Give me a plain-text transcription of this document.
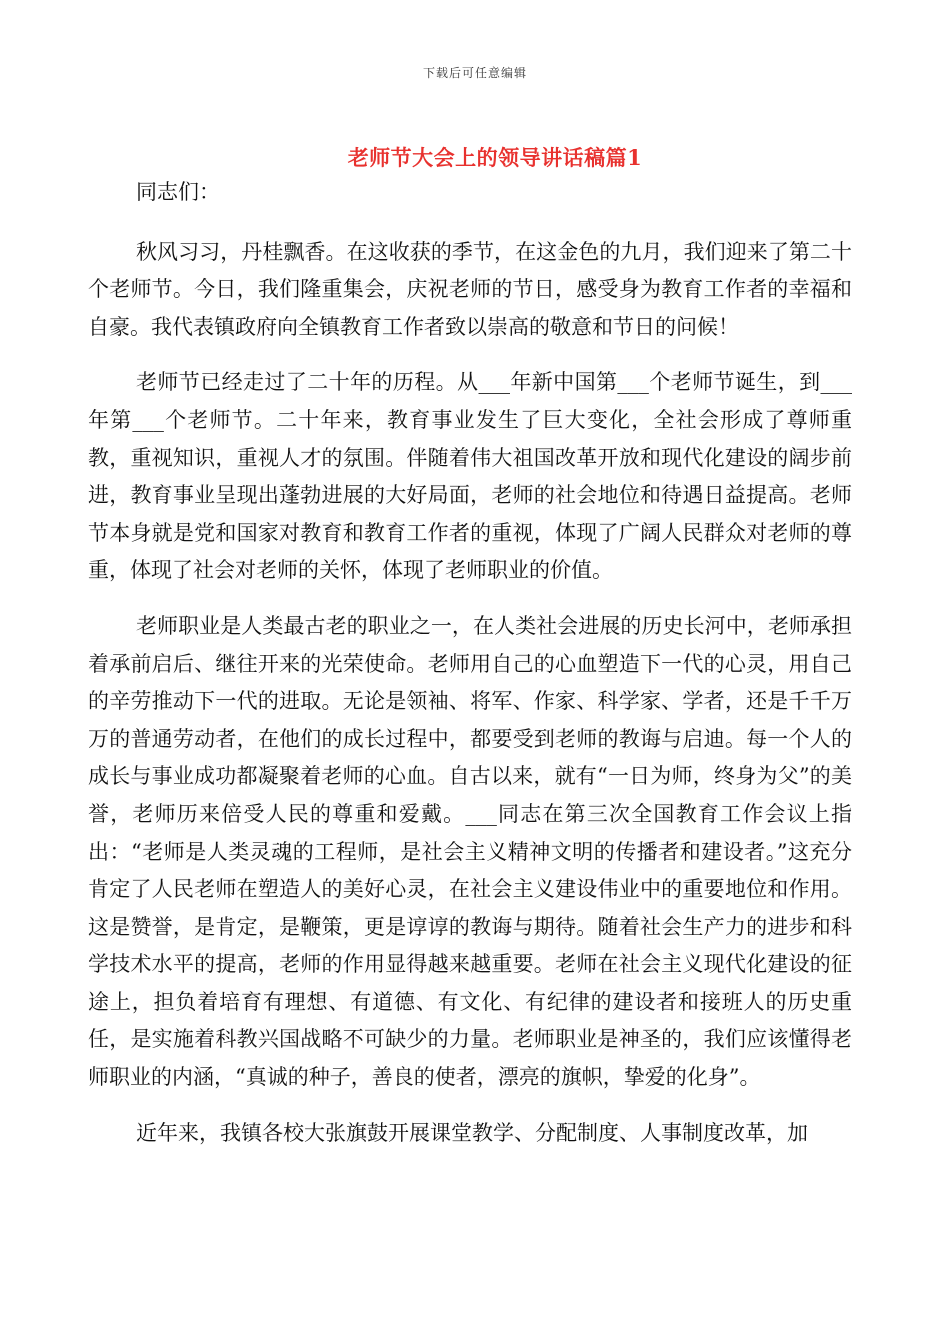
下载后可任意编辑
老师节大会上的领导讲话稿篇1

同志们：

秋风习习，丹桂飘香。在这收获的季节，在这金色的九月，我们迎来了第二十个老师节。今日，我们隆重集会，庆祝老师的节日，感受身为教育工作者的幸福和自豪。我代表镇政府向全镇教育工作者致以崇高的敬意和节日的问候！

老师节已经走过了二十年的历程。从___年新中国第___个老师节诞生，到___年第___个老师节。二十年来，教育事业发生了巨大变化，全社会形成了尊师重教，重视知识，重视人才的氛围。伴随着伟大祖国改革开放和现代化建设的阔步前进，教育事业呈现出蓬勃进展的大好局面，老师的社会地位和待遇日益提高。老师节本身就是党和国家对教育和教育工作者的重视，体现了广阔人民群众对老师的尊重，体现了社会对老师的关怀，体现了老师职业的价值。

老师职业是人类最古老的职业之一，在人类社会进展的历史长河中，老师承担着承前启后、继往开来的光荣使命。老师用自己的心血塑造下一代的心灵，用自己的辛劳推动下一代的进取。无论是领袖、将军、作家、科学家、学者，还是千千万万的普通劳动者，在他们的成长过程中，都要受到老师的教诲与启迪。每一个人的成长与事业成功都凝聚着老师的心血。自古以来，就有“一日为师，终身为父”的美誉，老师历来倍受人民的尊重和爱戴。___同志在第三次全国教育工作会议上指出：“老师是人类灵魂的工程师，是社会主义精神文明的传播者和建设者。”这充分肯定了人民老师在塑造人的美好心灵，在社会主义建设伟业中的重要地位和作用。这是赞誉，是肯定，是鞭策，更是谆谆的教诲与期待。随着社会生产力的进步和科学技术水平的提高，老师的作用显得越来越重要。老师在社会主义现代化建设的征途上，担负着培育有理想、有道德、有文化、有纪律的建设者和接班人的历史重任，是实施着科教兴国战略不可缺少的力量。老师职业是神圣的，我们应该懂得老师职业的内涵，“真诚的种子，善良的使者，漂亮的旗帜，挚爱的化身”。

近年来，我镇各校大张旗鼓开展课堂教学、分配制度、人事制度改革，加
